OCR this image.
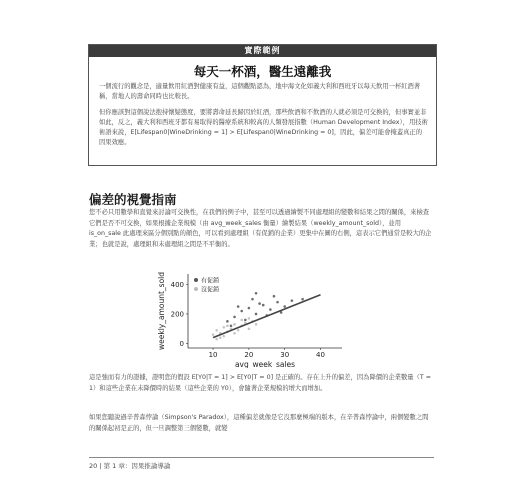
實際範例
每天一杯酒，醫生遠離我

一個流行的觀念是，適量飲用紅酒對健康有益，這個觀點認為，地中海文化如義大利和西班牙以每天飲用一杯紅酒著稱，當地人的壽命同時也比較長。

但你應該對這個說法抱持懷疑態度，要將壽命延長歸因於紅酒，那些飲酒和不飲酒的人就必須是可交換的，但事實並非如此，反之，義大利和西班牙都有易取得的醫療系統和較高的人類發展指數（Human Development Index），用技術術語來說，E[Lifespan0|WineDrinking = 1] > E[Lifespan0|WineDrinking = 0]，因此，偏差可能會掩蓋真正的因果效應。

偏差的視覺指南

您不必只用數學和直覺來討論可交換性，在我們的例子中，甚至可以透過繪製不同處理組的變數和結果之間的關係，來檢查它們是否不可交換，如果根據企業規模（由 avg_week_sales 衡量）繪製結果（weekly_amount_sold），並用 is_on_sale 此處理來區分個別點的顏色，可以看到處理組（有促銷的企業）更集中在圖的右側，這表示它們通常是較大的企業；也就是說，處理組和未處理組之間是不平衡的。

10	20	30	40
0
200
400
avg_week_sales
weekly_amount_sold	有促銷
沒促銷

這是強而有力的證據，證明您的假設 E[Y0|T = 1] > E[Y0|T = 0] 是正確的。存在上升的偏差，因為降價的企業數量（T = 1）和這些企業在未降價時的結果（這些企業的 Y0），會隨著企業規模的增大而增加。

如果您聽說過辛普森悖論（Simpson's Paradox），這種偏差就像是它沒那麼極端的版本，在辛普森悖論中，兩個變數之間的關係起初是正的，但一旦調整第三個變數，就變

20 | 第 1 章：因果推論導論
